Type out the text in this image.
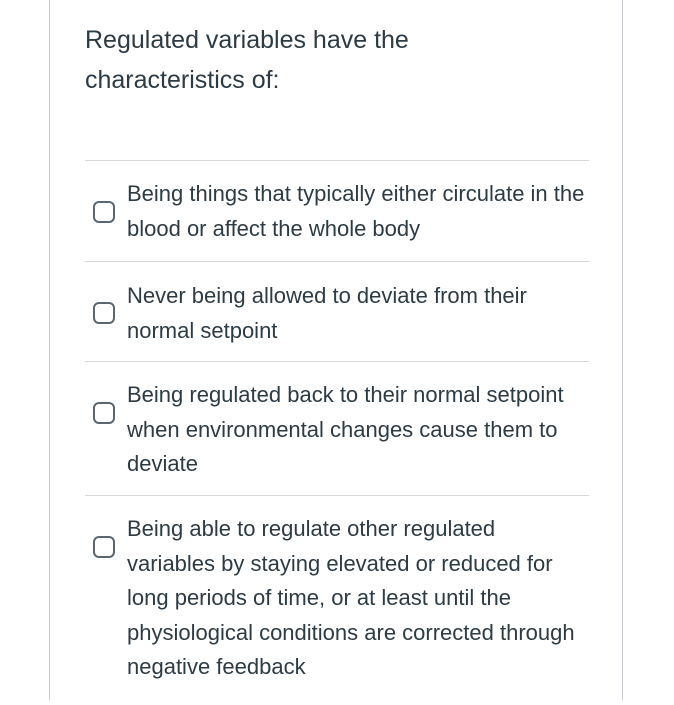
Regulated variables have the characteristics of:

Being things that typically either circulate in the blood or affect the whole body
Never being allowed to deviate from their normal setpoint
Being regulated back to their normal setpoint when environmental changes cause them to deviate
Being able to regulate other regulated variables by staying elevated or reduced for long periods of time, or at least until the physiological conditions are corrected through negative feedback
